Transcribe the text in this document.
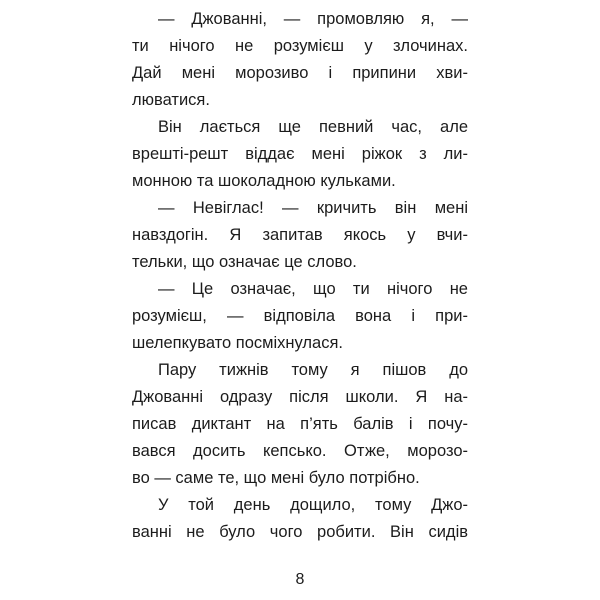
— Джованні, — промовляю я, —
ти нічого не розумієш у злочинах.
Дай мені морозиво і припини хви-
люватися.
Він лається ще певний час, але
врешті-решт віддає мені ріжок з ли-
монною та шоколадною кульками.
— Невіглас! — кричить він мені
навздогін. Я запитав якось у вчи-
тельки, що означає це слово.
— Це означає, що ти нічого не
розумієш, — відповіла вона і при-
шелепкувато посміхнулася.
Пару тижнів тому я пішов до
Джованні одразу після школи. Я на-
писав диктант на п’ять балів і почу-
вався досить кепсько. Отже, морозо-
во — саме те, що мені було потрібно.
У той день дощило, тому Джо-
ванні не було чого робити. Він сидів
8
